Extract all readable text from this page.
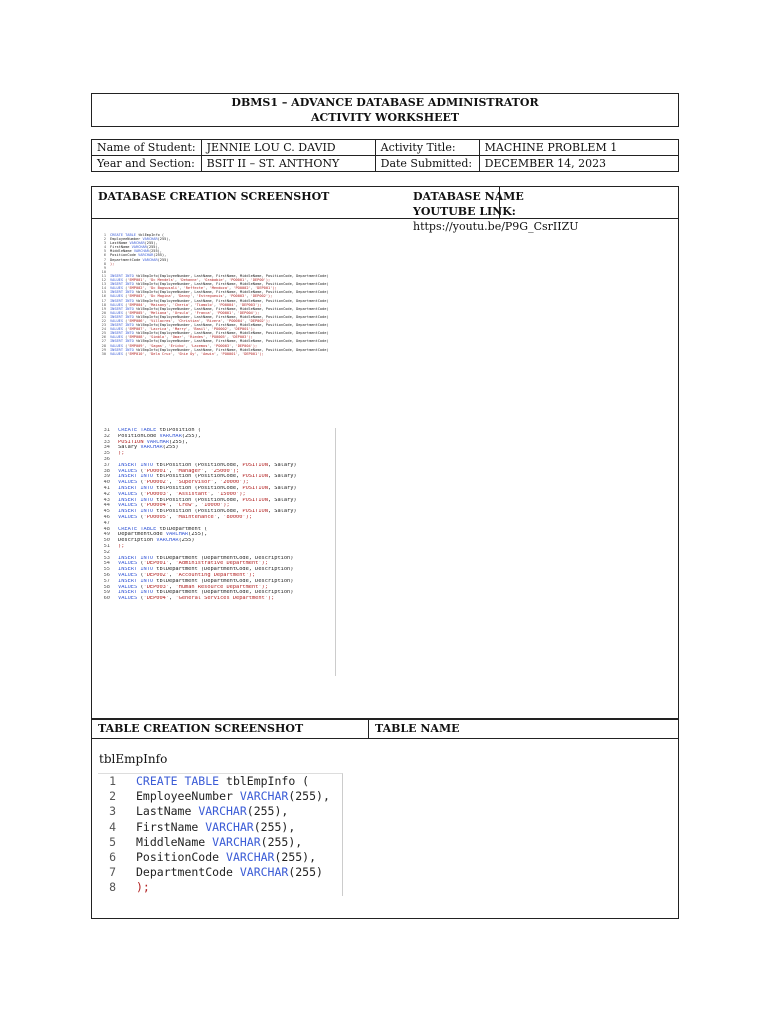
DBMS1 – ADVANCE DATABASE ADMINISTRATOR
ACTIVITY WORKSHEET
Name of Student:	JENNIE LOU C. DAVID	Activity Title:	MACHINE PROBLEM 1
Year and Section:	BSIT II – ST. ANTHONY	Date Submitted:	DECEMBER 14, 2023
DATABASE CREATION SCREENSHOT	DATABASE NAME
YOUTUBE LINK:
https://youtu.be/P9G_CsrIIZU
1 CREATE TABLE tblEmpInfo (
2 EmployeeNumber VARCHAR(255),
3 LastName VARCHAR(255),
4 FirstName VARCHAR(255),
5 MiddleName VARCHAR(255),
6 PositionCode VARCHAR(255),
7 DepartmentCode VARCHAR(255)
8 );
9
10
11 INSERT INTO tblEmpInfo(EmployeeNumber, LastName, FirstName, MiddleName, PositionCode, DepartmentCode)
12 VALUES ('EMP001', 'Dc Mendels', 'Dehanne', 'Grababie', 'PO0001', 'DEP00');
13 INSERT INTO tblEmpInfo(EmployeeNumber, LastName, FirstName, MiddleName, PositionCode, DepartmentCode)
14 VALUES ('EMP002', 'Dc Bagsusali', 'Reffecte', 'Mendoza', 'PO0002', 'DEP001');
15 INSERT INTO tblEmpInfo(EmployeeNumber, LastName, FirstName, MiddleName, PositionCode, DepartmentCode)
16 VALUES ('EMP003', 'Dc Magina', 'Danny', 'Estregueuis', 'PO0003', 'DEP002');
17 INSERT INTO tblEmpInfo(EmployeeNumber, LastName, FirstName, MiddleName, PositionCode, DepartmentCode)
18 VALUES ('EMP004', 'Maisany', 'Cheria', 'Tiamolo', 'PO0004', 'DEP003');
19 INSERT INTO tblEmpInfo(EmployeeNumber, LastName, FirstName, MiddleName, PositionCode, DepartmentCode)
20 VALUES ('EMP005', 'Meliana', 'Ursula', 'Franca', 'PO0001', 'DEP004');
21 INSERT INTO tblEmpInfo(EmployeeNumber, LastName, FirstName, MiddleName, PositionCode, DepartmentCode)
22 VALUES ('EMP006', 'Villacres', 'Christian', 'Rivera', 'PO0004', 'DEP002');
23 INSERT INTO tblEmpInfo(EmployeeNumber, LastName, FirstName, MiddleName, PositionCode, DepartmentCode)
24 VALUES ('EMP007', 'Lacrica', 'Marry', 'Basil', 'PO0002', 'DEP001');
25 INSERT INTO tblEmpInfo(EmployeeNumber, LastName, FirstName, MiddleName, PositionCode, DepartmentCode)
26 VALUES ('EMP008', 'Simbla', 'Omar', 'Riedes', 'PO0005', 'DEP003');
27 INSERT INTO tblEmpInfo(EmployeeNumber, LastName, FirstName, MiddleName, PositionCode, DepartmentCode)
28 VALUES ('EMP009', 'Sagas', 'Ericko', 'Lacemos', 'PO0003', 'DEP004');
29 INSERT INTO tblEmpInfo(EmployeeNumber, LastName, FirstName, MiddleName, PositionCode, DepartmentCode)
30 VALUES ('EMP010', 'Dela Cruz', 'Shie Oy', 'Aewin', 'PO0001', 'DEP001');
31 CREATE TABLE tblPosition (
32 PositionCode VARCHAR(255),
33 POSITION VARCHAR(255),
34 Salary VARCHAR(255)
35 );
36
37 INSERT INTO tblPosition (PositionCode, POSITION, Salary)
38 VALUES ('PO0001', 'Manager', '25000');
39 INSERT INTO tblPosition (PositionCode, POSITION, Salary)
40 VALUES ('PO0002', 'Supervisor', '20000');
41 INSERT INTO tblPosition (PositionCode, POSITION, Salary)
42 VALUES ('PO0003', 'Assistant', '15000');
43 INSERT INTO tblPosition (PositionCode, POSITION, Salary)
44 VALUES ('PO0004', 'Crew', '10000');
45 INSERT INTO tblPosition (PositionCode, POSITION, Salary)
46 VALUES ('PO0005', 'Maintenance', '80000');
47
48 CREATE TABLE tblDepartment (
49 DepartmentCode VARCHAR(255),
50 Description VARCHAR(255)
51 );
52
53 INSERT INTO tblDepartment (DepartmentCode, Description)
54 VALUES ('DEP001', 'Administrative Department');
55 INSERT INTO tblDepartment (DepartmentCode, Description)
56 VALUES ('DEP002', 'Accounting Department');
57 INSERT INTO tblDepartment (DepartmentCode, Description)
58 VALUES ('DEP003', 'Human Resource Department');
59 INSERT INTO tblDepartment (DepartmentCode, Description)
60 VALUES ('DEP004', 'General Services Department');
TABLE CREATION SCREENSHOT	TABLE NAME
tblEmpInfo
1 CREATE TABLE tblEmpInfo (
2 EmployeeNumber VARCHAR(255),
3 LastName VARCHAR(255),
4 FirstName VARCHAR(255),
5 MiddleName VARCHAR(255),
6 PositionCode VARCHAR(255),
7 DepartmentCode VARCHAR(255)
8 );
